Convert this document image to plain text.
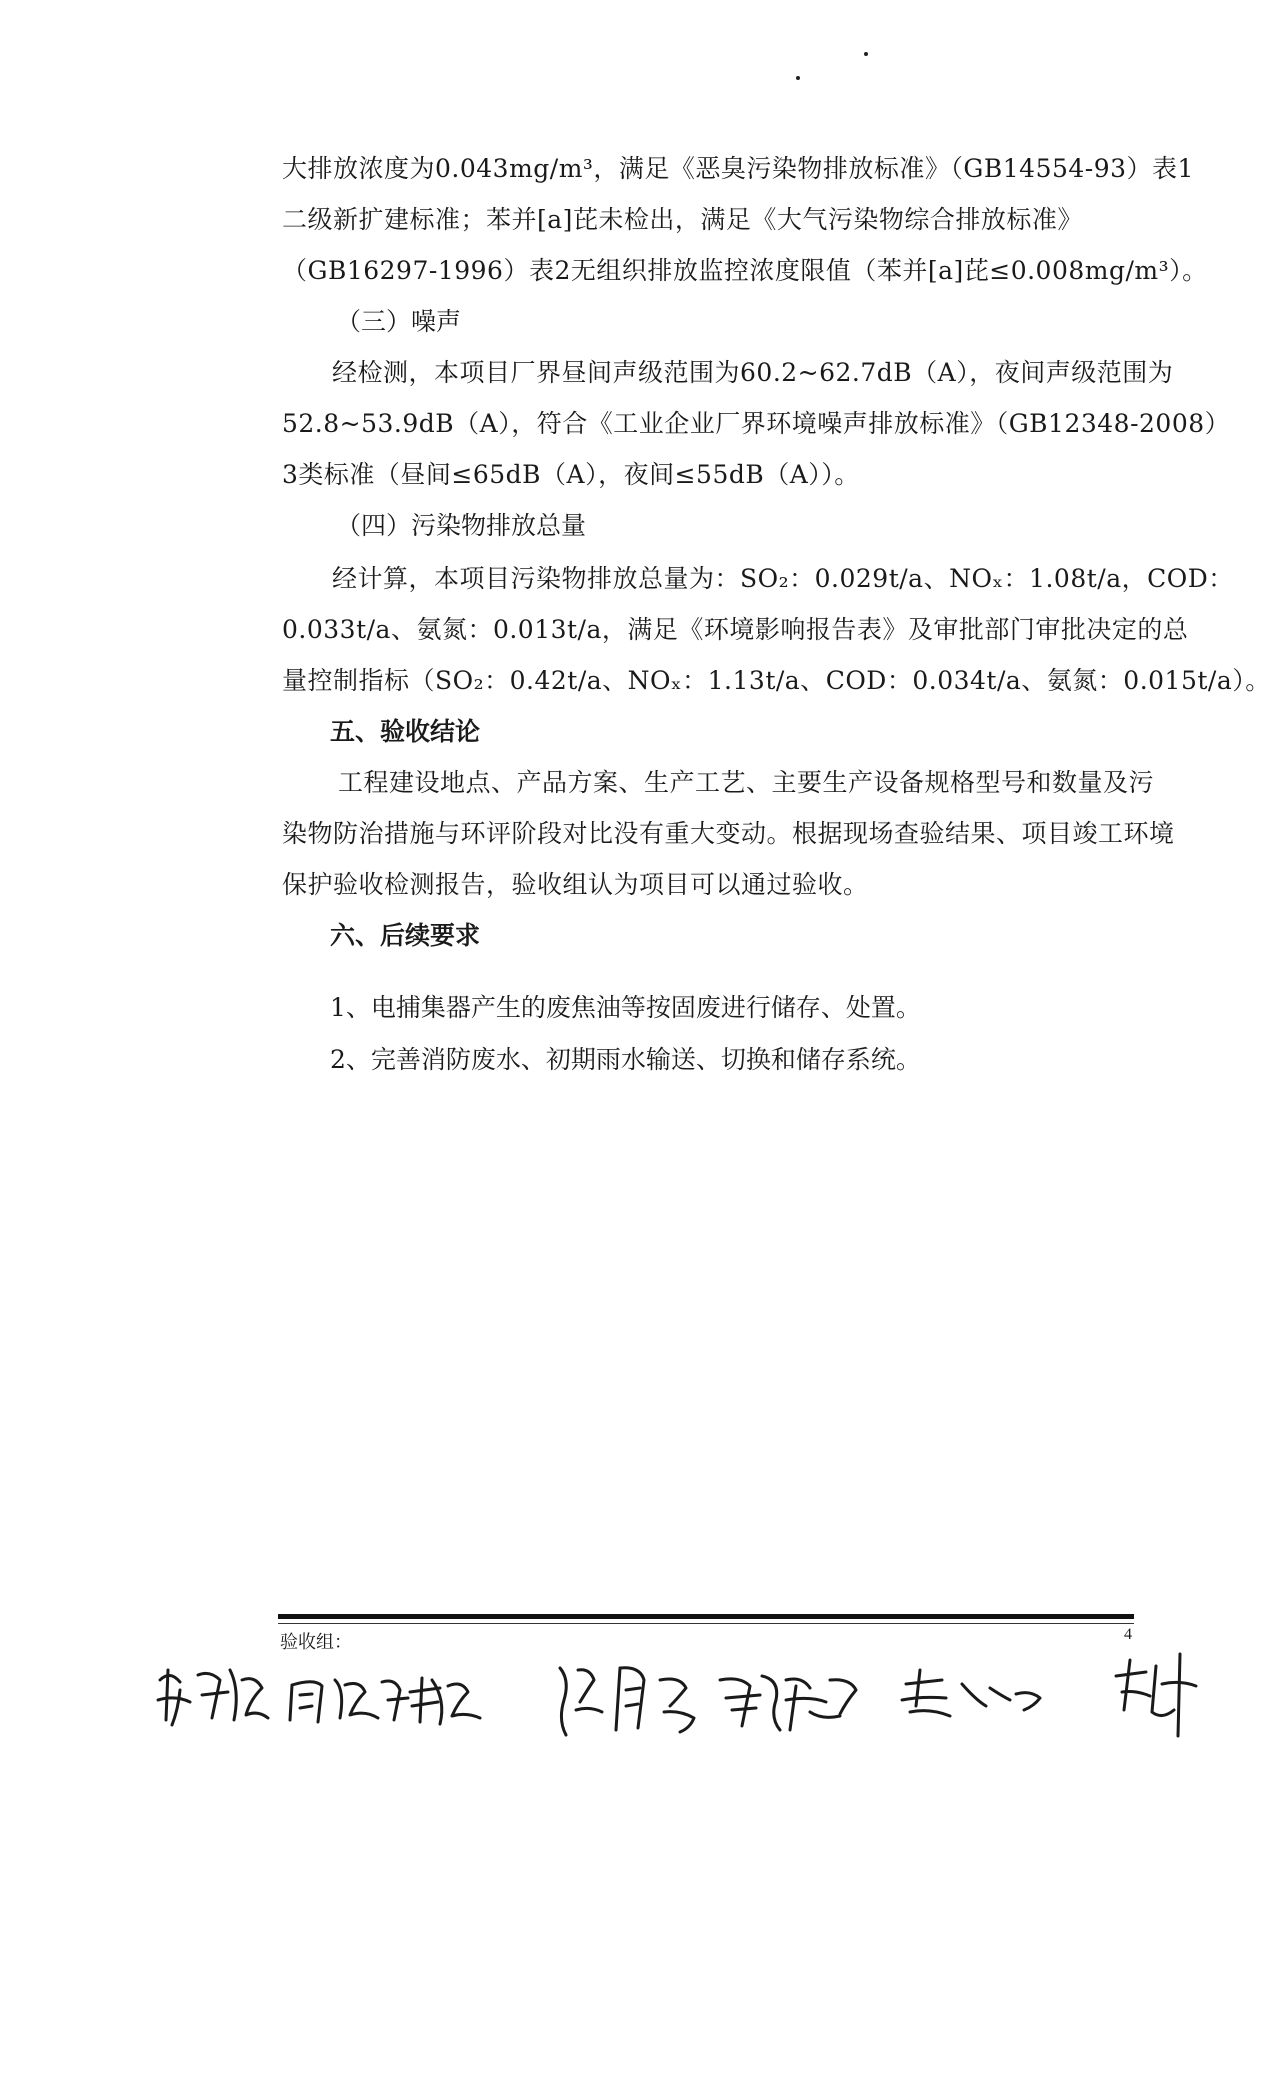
大排放浓度为0.043mg/m³，满足《恶臭污染物排放标准》（GB14554-93）表1
二级新扩建标准；苯并[a]芘未检出，满足《大气污染物综合排放标准》
（GB16297-1996）表2无组织排放监控浓度限值（苯并[a]芘≤0.008mg/m³）。

（三）噪声

经检测，本项目厂界昼间声级范围为60.2~62.7dB（A），夜间声级范围为
52.8~53.9dB（A），符合《工业企业厂界环境噪声排放标准》（GB12348-2008）
3类标准（昼间≤65dB（A），夜间≤55dB（A））。

（四）污染物排放总量

经计算，本项目污染物排放总量为：SO₂：0.029t/a、NOₓ：1.08t/a，COD：
0.033t/a、氨氮：0.013t/a，满足《环境影响报告表》及审批部门审批决定的总
量控制指标（SO₂：0.42t/a、NOₓ：1.13t/a、COD：0.034t/a、氨氮：0.015t/a）。

五、验收结论

工程建设地点、产品方案、生产工艺、主要生产设备规格型号和数量及污
染物防治措施与环评阶段对比没有重大变动。根据现场查验结果、项目竣工环境
保护验收检测报告，验收组认为项目可以通过验收。

六、后续要求

1、电捕集器产生的废焦油等按固废进行储存、处置。

2、完善消防废水、初期雨水输送、切换和储存系统。

验收组：	4
